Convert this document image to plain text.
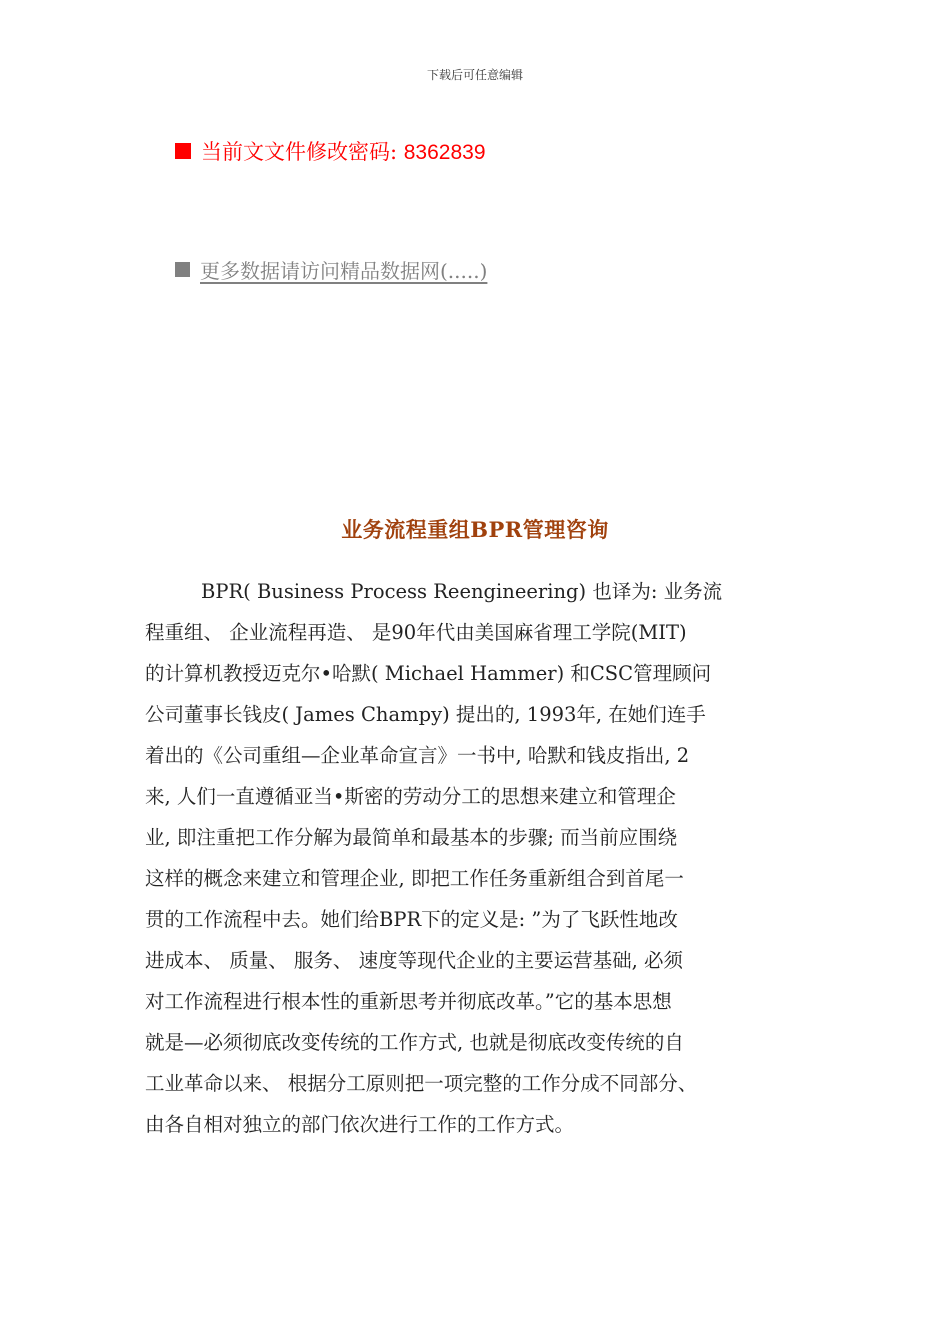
下载后可任意编辑
当前文文件修改密码: 8362839
更多数据请访问精品数据网(.....)
业务流程重组BPR管理咨询
BPR( Business Process Reengineering) 也译为: 业务流
程重组、 企业流程再造、 是90年代由美国麻省理工学院(MIT)
的计算机教授迈克尔•哈默( Michael Hammer) 和CSC管理顾问
公司董事长钱皮( James Champy) 提出的, 1993年, 在她们连手
着出的《公司重组—企业革命宣言》一书中, 哈默和钱皮指出, 2
来, 人们一直遵循亚当•斯密的劳动分工的思想来建立和管理企
业, 即注重把工作分解为最简单和最基本的步骤; 而当前应围绕
这样的概念来建立和管理企业, 即把工作任务重新组合到首尾一
贯的工作流程中去。她们给BPR下的定义是: ”为了飞跃性地改
进成本、 质量、 服务、 速度等现代企业的主要运营基础, 必须
对工作流程进行根本性的重新思考并彻底改革。”它的基本思想
就是—必须彻底改变传统的工作方式, 也就是彻底改变传统的自
工业革命以来、 根据分工原则把一项完整的工作分成不同部分、
由各自相对独立的部门依次进行工作的工作方式。
